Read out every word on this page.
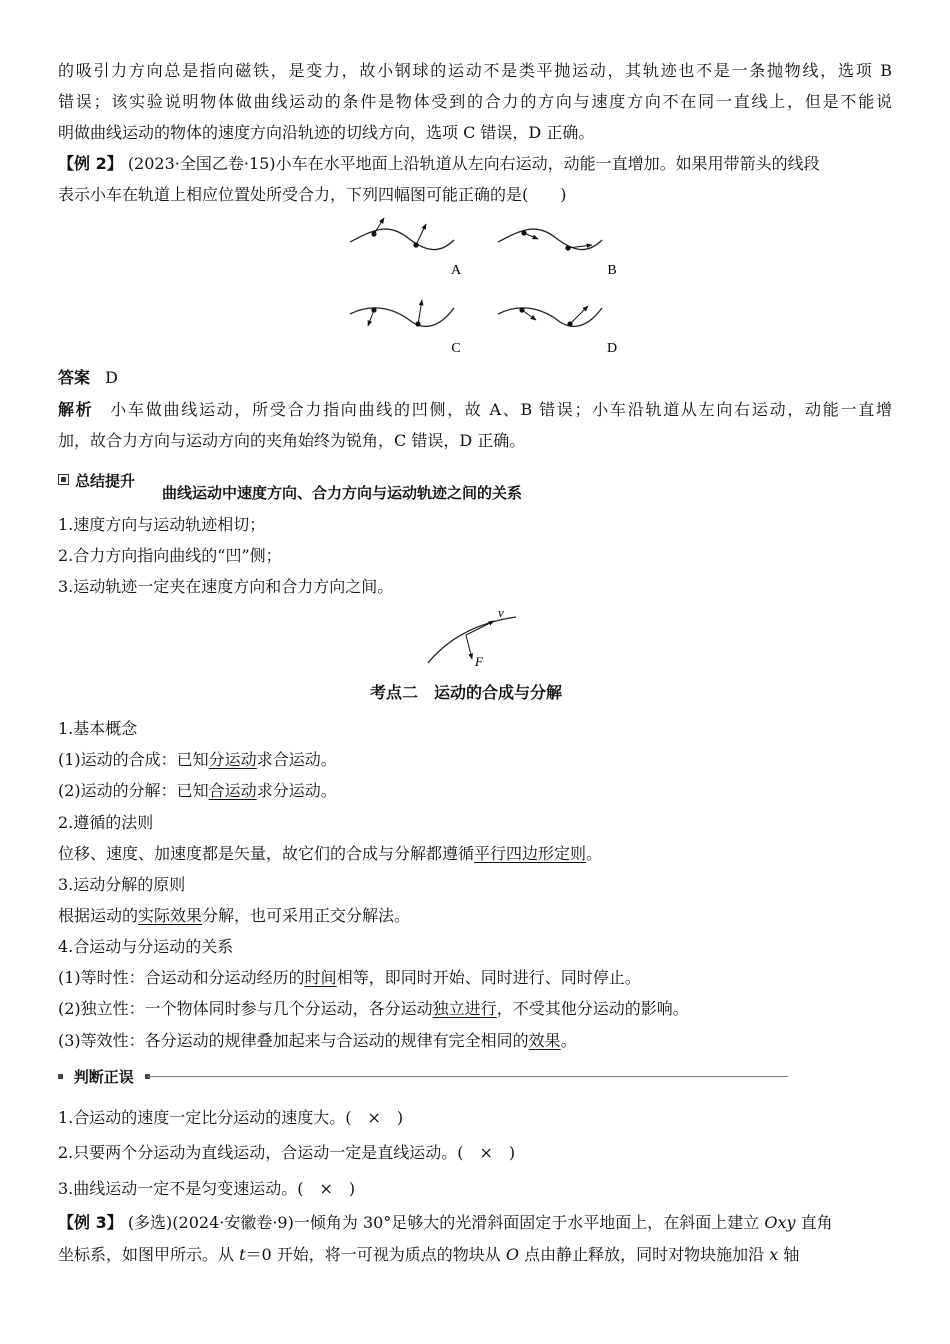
的吸引力方向总是指向磁铁，是变力，故小钢球的运动不是类平抛运动，其轨迹也不是一条抛物线，选项 B
错误；该实验说明物体做曲线运动的条件是物体受到的合力的方向与速度方向不在同一直线上，但是不能说
明做曲线运动的物体的速度方向沿轨迹的切线方向，选项 C 错误，D 正确。
【例 2】 (2023·全国乙卷·15)小车在水平地面上沿轨道从左向右运动，动能一直增加。如果用带箭头的线段
表示小车在轨道上相应位置处所受合力，下列四幅图可能正确的是(　　)
A	B
C	D
答案 D
解析 小车做曲线运动，所受合力指向曲线的凹侧，故 A、B 错误；小车沿轨道从左向右运动，动能一直增
加，故合力方向与运动方向的夹角始终为锐角，C 错误，D 正确。
总结提升
曲线运动中速度方向、合力方向与运动轨迹之间的关系
1.速度方向与运动轨迹相切；
2.合力方向指向曲线的“凹”侧；
3.运动轨迹一定夹在速度方向和合力方向之间。
v
F
考点二　运动的合成与分解
1.基本概念
(1)运动的合成：已知分运动求合运动。
(2)运动的分解：已知合运动求分运动。
2.遵循的法则
位移、速度、加速度都是矢量，故它们的合成与分解都遵循平行四边形定则。
3.运动分解的原则
根据运动的实际效果分解，也可采用正交分解法。
4.合运动与分运动的关系
(1)等时性：合运动和分运动经历的时间相等，即同时开始、同时进行、同时停止。
(2)独立性：一个物体同时参与几个分运动，各分运动独立进行，不受其他分运动的影响。
(3)等效性：各分运动的规律叠加起来与合运动的规律有完全相同的效果。
判断正误
1.合运动的速度一定比分运动的速度大。(　×　)
2.只要两个分运动为直线运动，合运动一定是直线运动。(　×　)
3.曲线运动一定不是匀变速运动。(　×　)
【例 3】 (多选)(2024·安徽卷·9)一倾角为 30°足够大的光滑斜面固定于水平地面上，在斜面上建立 Oxy 直角
坐标系，如图甲所示。从 t＝0 开始，将一可视为质点的物块从 O 点由静止释放，同时对物块施加沿 x 轴
